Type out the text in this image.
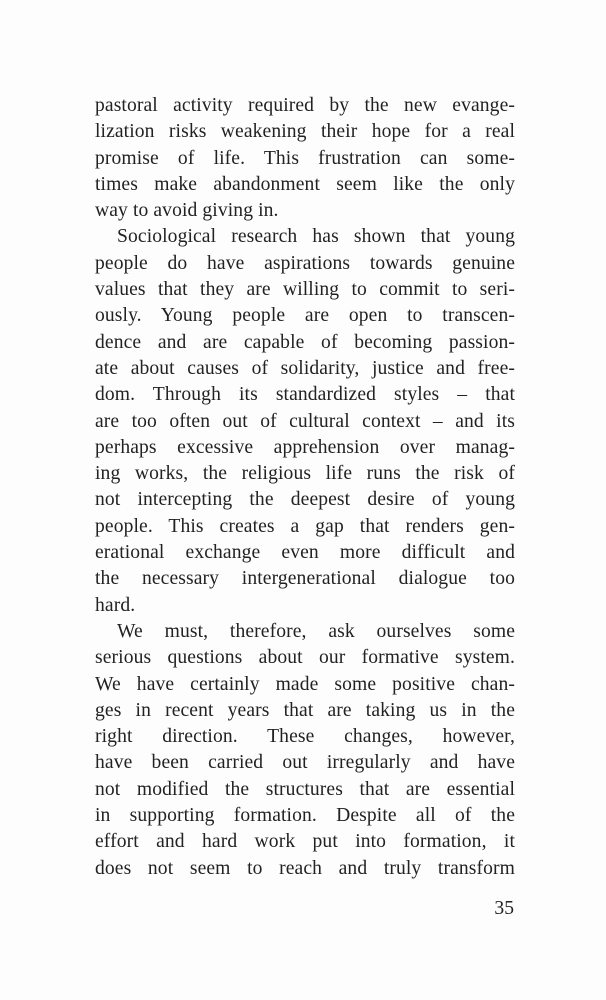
pastoral activity required by the new evange-
lization risks weakening their hope for a real
promise of life. This frustration can some-
times make abandonment seem like the only
way to avoid giving in.
Sociological research has shown that young
people do have aspirations towards genuine
values that they are willing to commit to seri-
ously. Young people are open to transcen-
dence and are capable of becoming passion-
ate about causes of solidarity, justice and free-
dom. Through its standardized styles – that
are too often out of cultural context – and its
perhaps excessive apprehension over manag-
ing works, the religious life runs the risk of
not intercepting the deepest desire of young
people. This creates a gap that renders gen-
erational exchange even more difficult and
the necessary intergenerational dialogue too
hard.
We must, therefore, ask ourselves some
serious questions about our formative system.
We have certainly made some positive chan-
ges in recent years that are taking us in the
right direction. These changes, however,
have been carried out irregularly and have
not modified the structures that are essential
in supporting formation. Despite all of the
effort and hard work put into formation, it
does not seem to reach and truly transform
35
